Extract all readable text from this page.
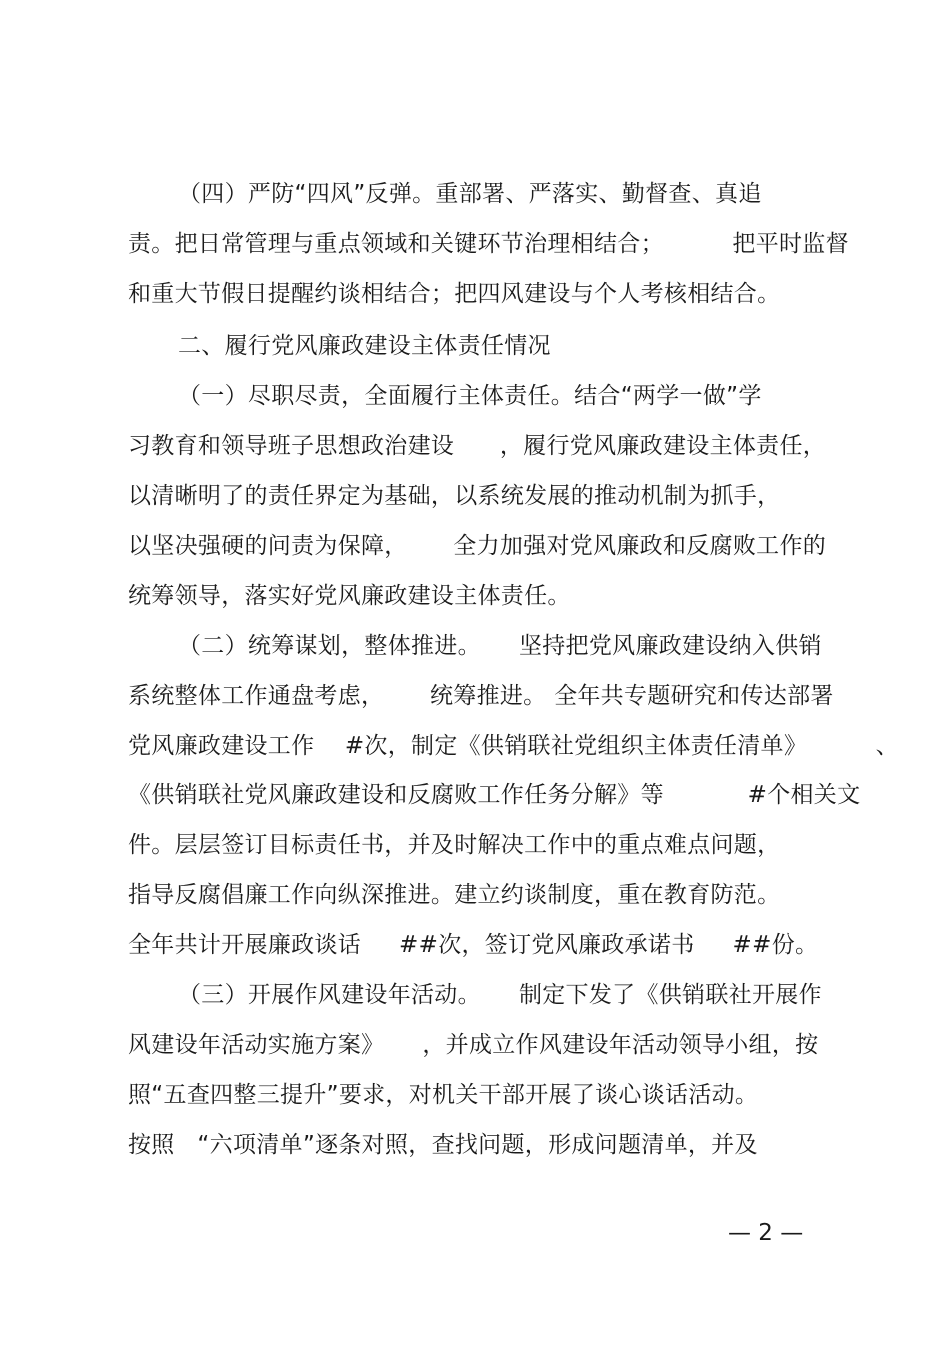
（四）严防“四风”反弹。重部署、严落实、勤督查、真追
责。把日常管理与重点领域和关键环节治理相结合；         把平时监督
和重大节假日提醒约谈相结合；把四风建设与个人考核相结合。
二、履行党风廉政建设主体责任情况
（一）尽职尽责，全面履行主体责任。结合“两学一做”学
习教育和领导班子思想政治建设      ，履行党风廉政建设主体责任，
以清晰明了的责任界定为基础，以系统发展的推动机制为抓手，
以坚决强硬的问责为保障，      全力加强对党风廉政和反腐败工作的
统筹领导，落实好党风廉政建设主体责任。
（二）统筹谋划，整体推进。     坚持把党风廉政建设纳入供销
系统整体工作通盘考虑，      统筹推进。 全年共专题研究和传达部署
党风廉政建设工作    #次，制定《供销联社党组织主体责任清单》         、
《供销联社党风廉政建设和反腐败工作任务分解》等           #个相关文
件。层层签订目标责任书，并及时解决工作中的重点难点问题，
指导反腐倡廉工作向纵深推进。建立约谈制度，重在教育防范。
全年共计开展廉政谈话     ##次，签订党风廉政承诺书     ##份。
（三）开展作风建设年活动。     制定下发了《供销联社开展作
风建设年活动实施方案》     ，并成立作风建设年活动领导小组，按
照“五查四整三提升”要求，对机关干部开展了谈心谈话活动。
按照   “六项清单”逐条对照，查找问题，形成问题清单，并及
— 2 —
